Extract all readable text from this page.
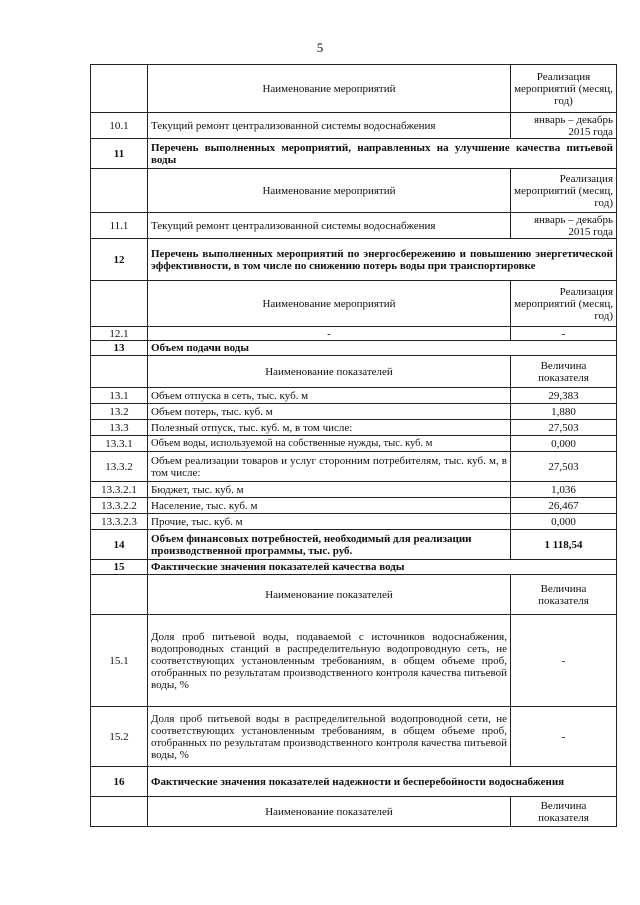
5
	Наименование мероприятий	Реализация мероприятий (месяц, год)
10.1	Текущий ремонт централизованной системы водоснабжения	январь – декабрь 2015 года
11	Перечень выполненных мероприятий, направленных на улучшение качества питьевой воды	
	Наименование мероприятий	Реализация мероприятий (месяц, год)
11.1	Текущий ремонт централизованной системы водоснабжения	январь – декабрь 2015 года
12	Перечень выполненных мероприятий по энергосбережению и повышению энергетической эффективности, в том числе по снижению потерь воды при транспортировке	
	Наименование мероприятий	Реализация мероприятий (месяц, год)
12.1	-	-
13	Объем подачи воды	
	Наименование показателей	Величина показателя
13.1	Объем отпуска в сеть, тыс. куб. м	29,383
13.2	Объем потерь, тыс. куб. м	1,880
13.3	Полезный отпуск, тыс. куб. м, в том числе:	27,503
13.3.1	Объем воды, используемой на собственные нужды, тыс. куб. м	0,000
13.3.2	Объем реализации товаров и услуг сторонним потребителям, тыс. куб. м, в том числе:	27,503
13.3.2.1	Бюджет, тыс. куб. м	1,036
13.3.2.2	Население, тыс. куб. м	26,467
13.3.2.3	Прочие, тыс. куб. м	0,000
14	Объем финансовых потребностей, необходимый для реализации производственной программы, тыс. руб.	1 118,54
15	Фактические значения показателей качества воды	
	Наименование показателей	Величина показателя
15.1	Доля проб питьевой воды, подаваемой с источников водоснабжения, водопроводных станций в распределительную водопроводную сеть, не соответствующих установленным требованиям, в общем объеме проб, отобранных по результатам производственного контроля качества питьевой воды, %	-
15.2	Доля проб питьевой воды в распределительной водопроводной сети, не соответствующих установленным требованиям, в общем объеме проб, отобранных по результатам производственного контроля качества питьевой воды, %	-
16	Фактические значения показателей надежности и бесперебойности водоснабжения	
	Наименование показателей	Величина показателя
